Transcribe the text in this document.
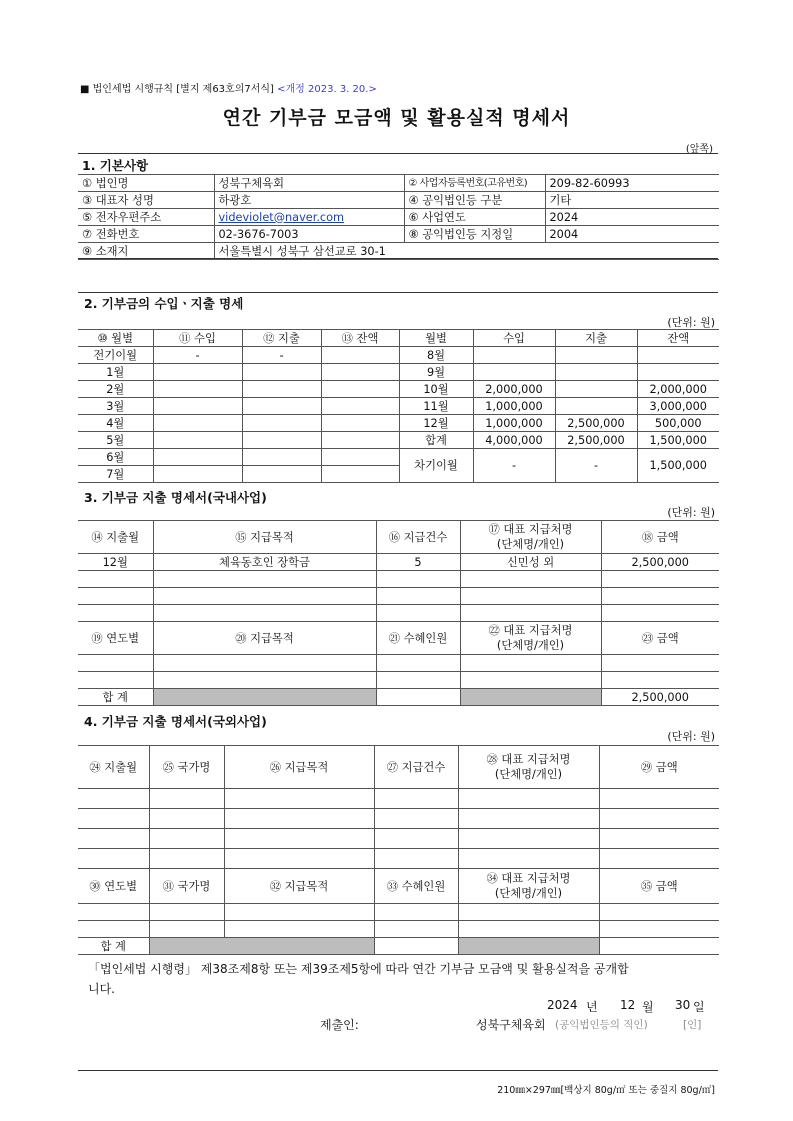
■ 법인세법 시행규칙 [별지 제63호의7서식] <개정 2023. 3. 20.>
연간 기부금 모금액 및 활용실적 명세서
(앞쪽)
1. 기본사항
① 법인명	성북구체육회	② 사업자등록번호(고유번호)	209-82-60993
③ 대표자 성명	하광호	④ 공익법인등 구분	기타
⑤ 전자우편주소	videviolet@naver.com	⑥ 사업연도	2024
⑦ 전화번호	02-3676-7003	⑧ 공익법인등 지정일	2004
⑨ 소재지	서울특별시 성북구 삼선교로 30-1		
2. 기부금의 수입ㆍ지출 명세
(단위: 원)
⑩ 월별	⑪ 수입	⑫ 지출	⑬ 잔액	월별	수입	지출	잔액
전기이월	-	-		8월			
1월				9월			
2월				10월	2,000,000		2,000,000
3월				11월	1,000,000		3,000,000
4월				12월	1,000,000	2,500,000	500,000
5월				합계	4,000,000	2,500,000	1,500,000
6월				차기이월	-	-	1,500,000
7월							
3. 기부금 지출 명세서(국내사업)
(단위: 원)
⑭ 지출월	⑮ 지급목적	⑯ 지급건수	⑰ 대표 지급처명
(단체명/개인)	⑱ 금액
12월	체육동호인 장학금	5	신민성 외	2,500,000

⑲ 연도별	⑳ 지급목적	㉑ 수혜인원	㉒ 대표 지급처명
(단체명/개인)	㉓ 금액

합 계				2,500,000
4. 기부금 지출 명세서(국외사업)
(단위: 원)
㉔ 지출월	㉕ 국가명	㉖ 지급목적	㉗ 지급건수	㉘ 대표 지급처명
(단체명/개인)	㉙ 금액

㉚ 연도별	㉛ 국가명	㉜ 지급목적	㉝ 수혜인원	㉞ 대표 지급처명
(단체명/개인)	㉟ 금액

합 계					
「법인세법 시행령」 제38조제8항 또는 제39조제5항에 따라 연간 기부금 모금액 및 활용실적을 공개합
니다.
2024 년 12 월 30 일
제출인:	성북구체육회 (공익법인등의 직인)	[인]
210㎜×297㎜[백상지 80g/㎡ 또는 중질지 80g/㎡]
